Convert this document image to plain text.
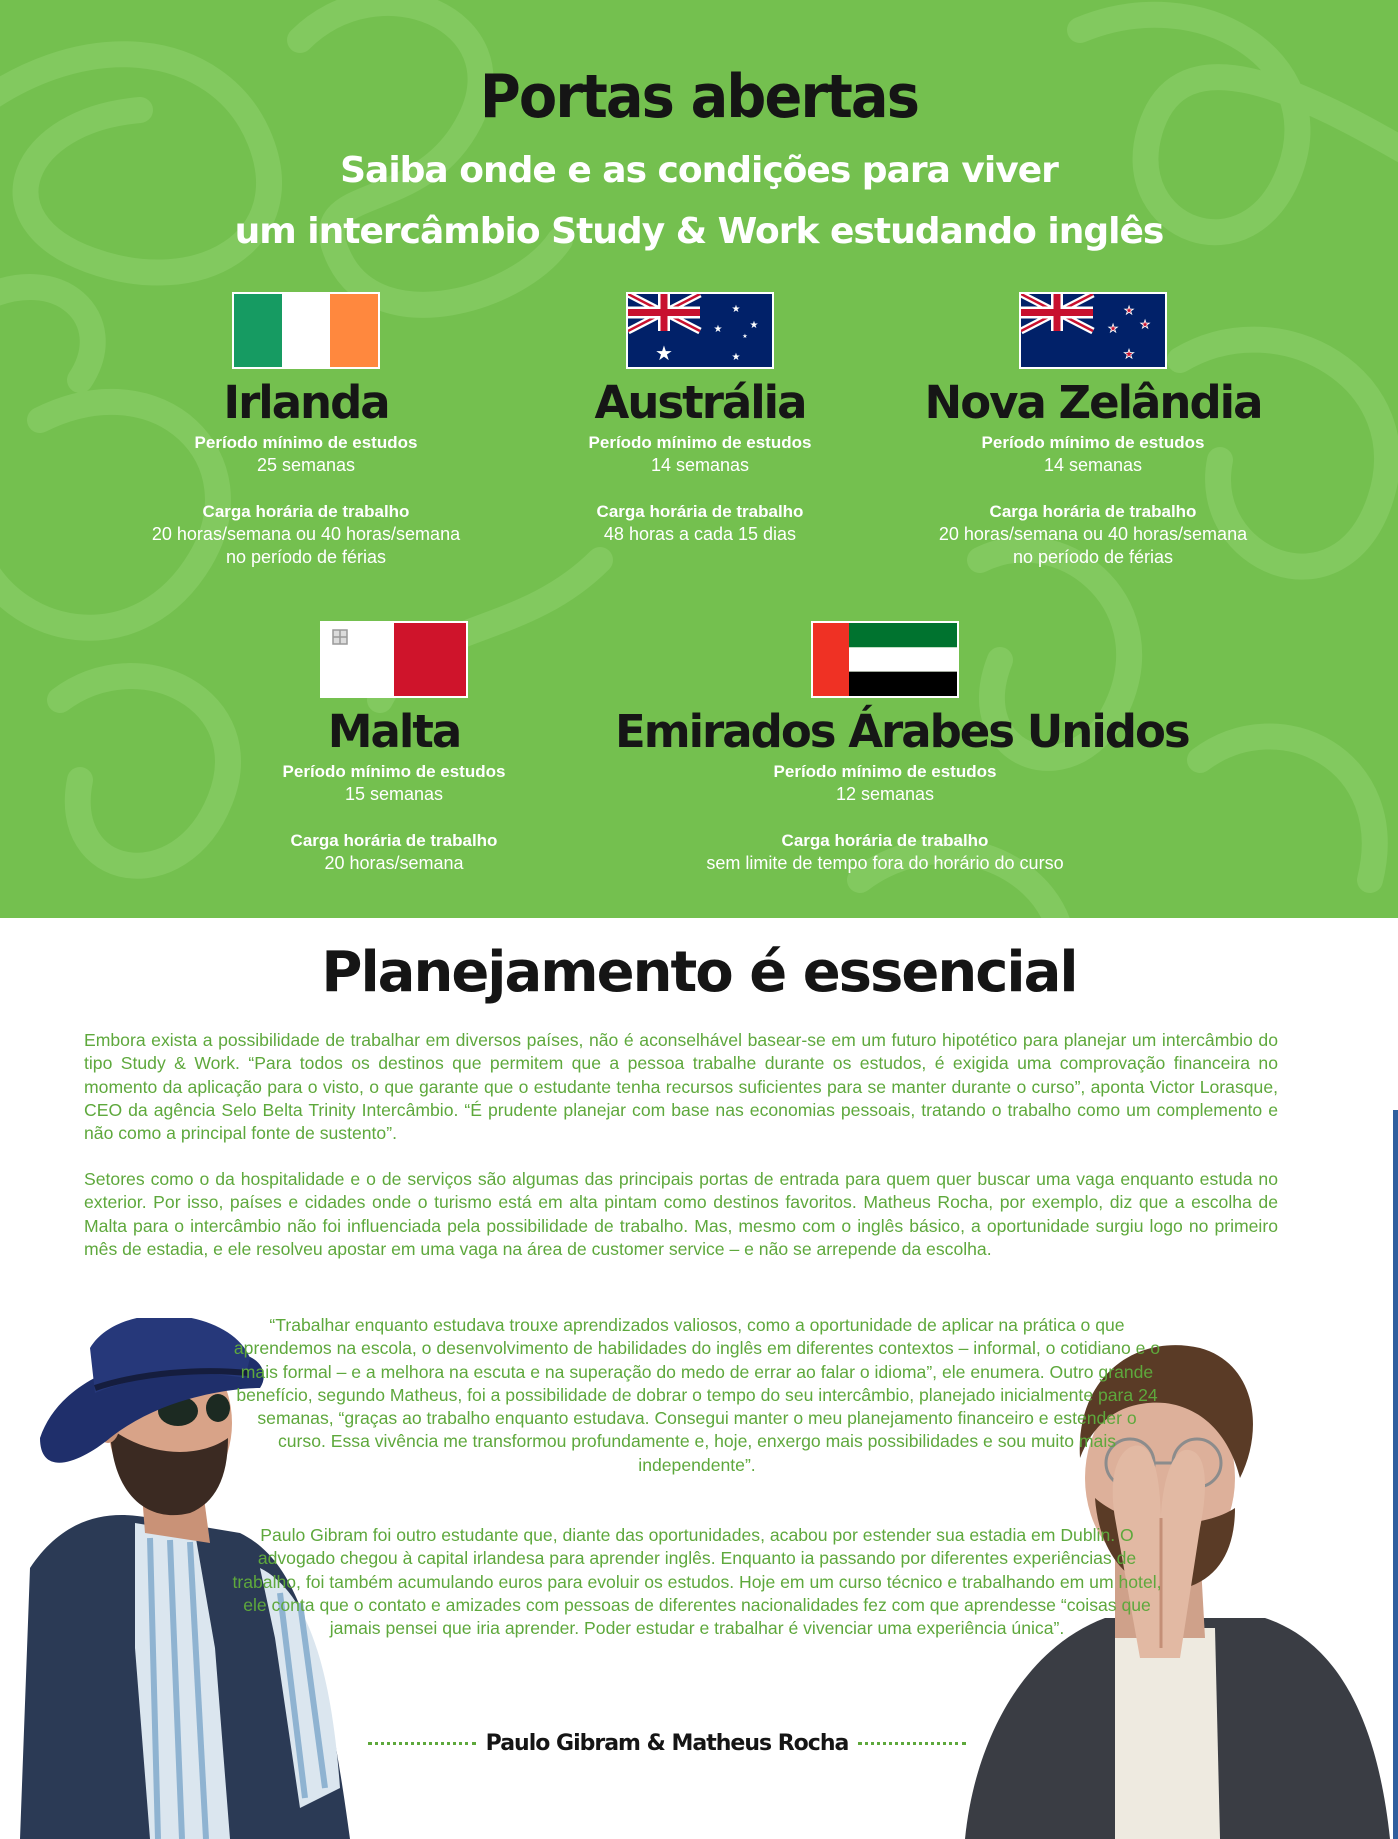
Portas abertas
Saiba onde e as condições para viver
um intercâmbio Study & Work estudando inglês
Irlanda
Período mínimo de estudos
25 semanas
Carga horária de trabalho
20 horas/semana ou 40 horas/semana
no período de férias
★	★
★
★
★
★
Austrália
Período mínimo de estudos
14 semanas
Carga horária de trabalho
48 horas a cada 15 dias
★
★ ★
★
Nova Zelândia
Período mínimo de estudos
14 semanas
Carga horária de trabalho
20 horas/semana ou 40 horas/semana
no período de férias
Malta
Período mínimo de estudos
15 semanas
Carga horária de trabalho
20 horas/semana
Emirados Árabes Unidos
Período mínimo de estudos
12 semanas
Carga horária de trabalho
sem limite de tempo fora do horário do curso
Planejamento é essencial

Embora exista a possibilidade de trabalhar em diversos países, não é aconselhável basear-se em um futuro hipotético para planejar um intercâmbio do tipo Study & Work. “Para todos os destinos que permitem que a pessoa trabalhe durante os estudos, é exigida uma comprovação financeira no momento da aplicação para o visto, o que garante que o estudante tenha recursos suficientes para se manter durante o curso”, aponta Victor Lorasque, CEO da agência Selo Belta Trinity Intercâmbio. “É prudente planejar com base nas economias pessoais, tratando o trabalho como um complemento e não como a principal fonte de sustento”.

Setores como o da hospitalidade e o de serviços são algumas das principais portas de entrada para quem quer buscar uma vaga enquanto estuda no exterior. Por isso, países e cidades onde o turismo está em alta pintam como destinos favoritos. Matheus Rocha, por exemplo, diz que a escolha de Malta para o intercâmbio não foi influenciada pela possibilidade de trabalho. Mas, mesmo com o inglês básico, a oportunidade surgiu logo no primeiro mês de estadia, e ele resolveu apostar em uma vaga na área de customer service – e não se arrepende da escolha.

“Trabalhar enquanto estudava trouxe aprendizados valiosos, como a oportunidade de aplicar na prática o que aprendemos na escola, o desenvolvimento de habilidades do inglês em diferentes contextos – informal, o cotidiano e o mais formal – e a melhora na escuta e na superação do medo de errar ao falar o idioma”, ele enumera. Outro grande benefício, segundo Matheus, foi a possibilidade de dobrar o tempo do seu intercâmbio, planejado inicialmente para 24 semanas, “graças ao trabalho enquanto estudava. Consegui manter o meu planejamento financeiro e estender o curso. Essa vivência me transformou profundamente e, hoje, enxergo mais possibilidades e sou muito mais independente”.

Paulo Gibram foi outro estudante que, diante das oportunidades, acabou por estender sua estadia em Dublin. O advogado chegou à capital irlandesa para aprender inglês. Enquanto ia passando por diferentes experiências de trabalho, foi também acumulando euros para evoluir os estudos. Hoje em um curso técnico e trabalhando em um hotel, ele conta que o contato e amizades com pessoas de diferentes nacionalidades fez com que aprendesse “coisas que jamais pensei que iria aprender. Poder estudar e trabalhar é vivenciar uma experiência única”.

Paulo Gibram & Matheus Rocha
